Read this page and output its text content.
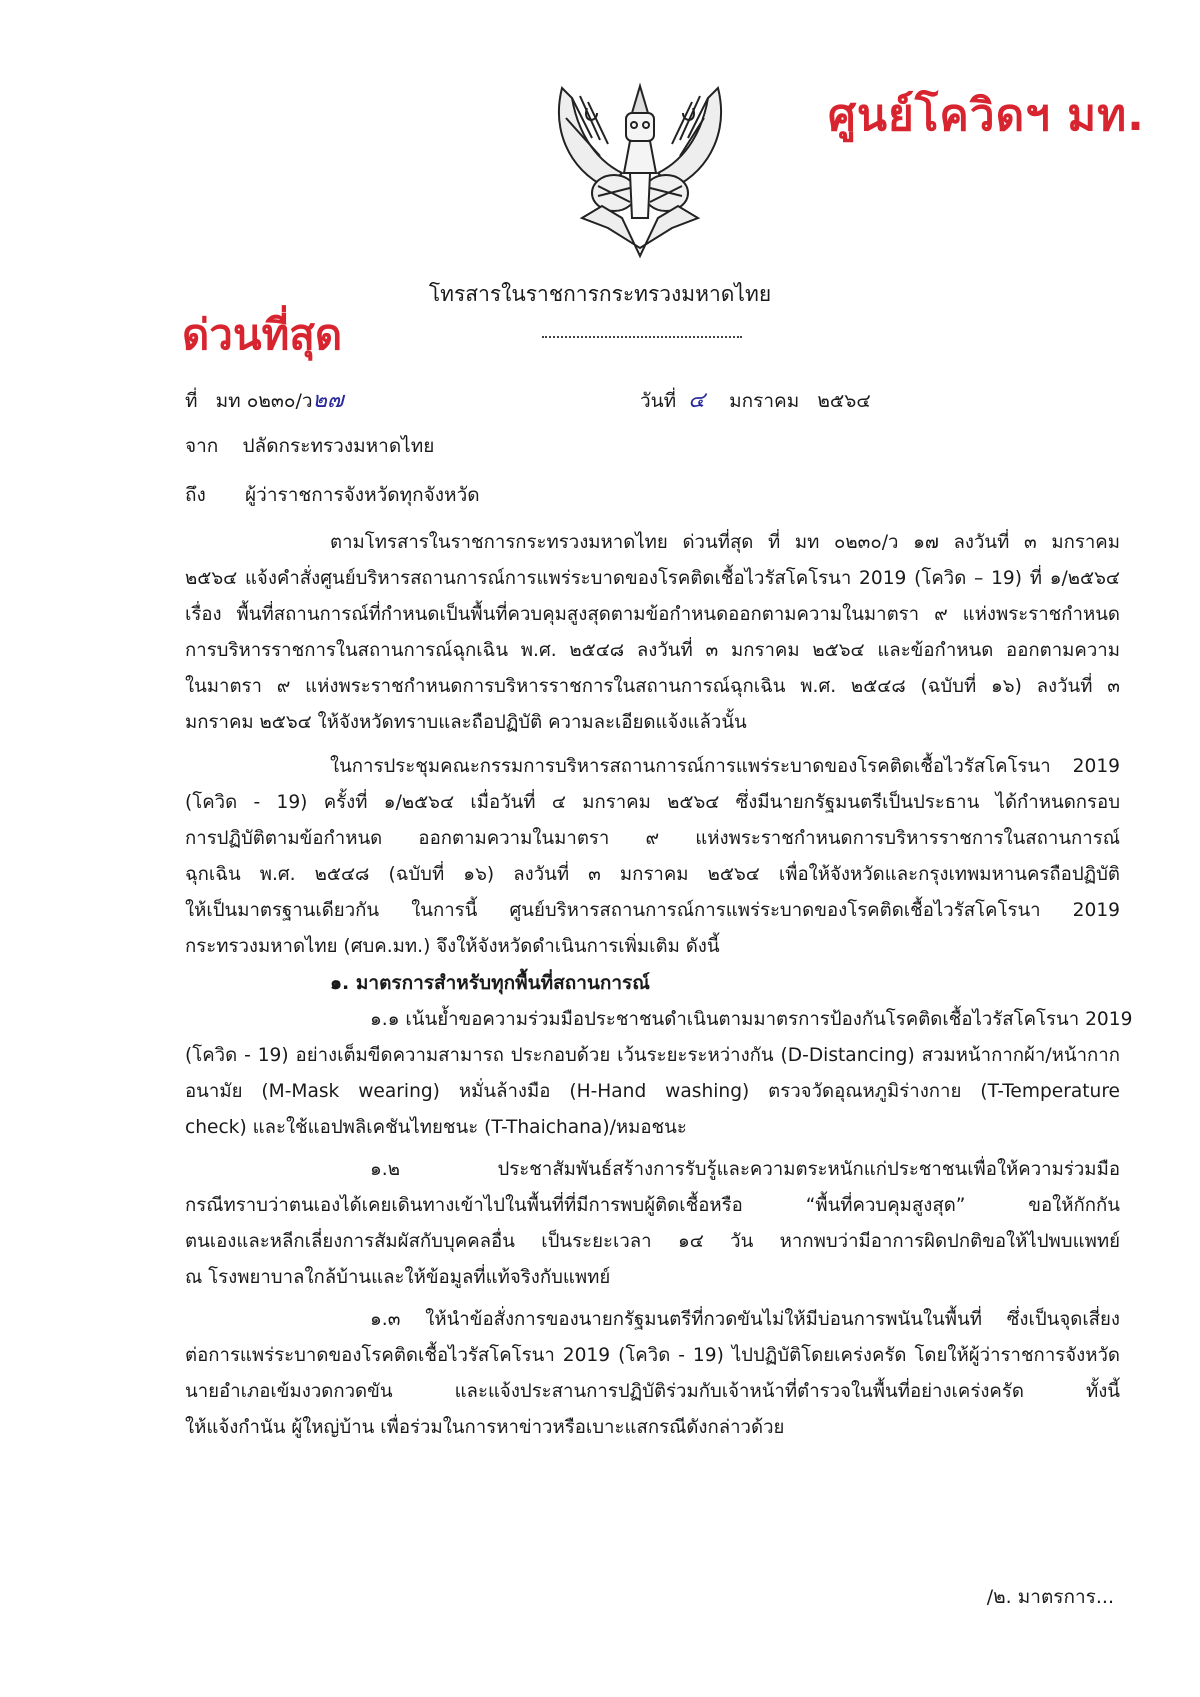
ศูนย์โควิดฯ มท.
ด่วนที่สุด
โทรสารในราชการกระทรวงมหาดไทย
ที่ มท ๐๒๓๐/ว๒๗	วันที่ ๔ มกราคม ๒๕๖๔
จาก ปลัดกระทรวงมหาดไทย
ถึง ผู้ว่าราชการจังหวัดทุกจังหวัด
ตามโทรสารในราชการกระทรวงมหาดไทย ด่วนที่สุด ที่ มท ๐๒๓๐/ว ๑๗ ลงวันที่ ๓ มกราคม
๒๕๖๔ แจ้งคำสั่งศูนย์บริหารสถานการณ์การแพร่ระบาดของโรคติดเชื้อไวรัสโคโรนา 2019 (โควิด – 19) ที่ ๑/๒๕๖๔
เรื่อง พื้นที่สถานการณ์ที่กำหนดเป็นพื้นที่ควบคุมสูงสุดตามข้อกำหนดออกตามความในมาตรา ๙ แห่งพระราชกำหนด
การบริหารราชการในสถานการณ์ฉุกเฉิน พ.ศ. ๒๕๔๘ ลงวันที่ ๓ มกราคม ๒๕๖๔ และข้อกำหนด ออกตามความ
ในมาตรา ๙ แห่งพระราชกำหนดการบริหารราชการในสถานการณ์ฉุกเฉิน พ.ศ. ๒๕๔๘ (ฉบับที่ ๑๖) ลงวันที่ ๓
มกราคม ๒๕๖๔ ให้จังหวัดทราบและถือปฏิบัติ ความละเอียดแจ้งแล้วนั้น
ในการประชุมคณะกรรมการบริหารสถานการณ์การแพร่ระบาดของโรคติดเชื้อไวรัสโคโรนา 2019
(โควิด - 19) ครั้งที่ ๑/๒๕๖๔ เมื่อวันที่ ๔ มกราคม ๒๕๖๔ ซึ่งมีนายกรัฐมนตรีเป็นประธาน ได้กำหนดกรอบ
การปฏิบัติตามข้อกำหนด ออกตามความในมาตรา ๙ แห่งพระราชกำหนดการบริหารราชการในสถานการณ์
ฉุกเฉิน พ.ศ. ๒๕๔๘ (ฉบับที่ ๑๖) ลงวันที่ ๓ มกราคม ๒๕๖๔ เพื่อให้จังหวัดและกรุงเทพมหานครถือปฏิบัติ
ให้เป็นมาตรฐานเดียวกัน ในการนี้ ศูนย์บริหารสถานการณ์การแพร่ระบาดของโรคติดเชื้อไวรัสโคโรนา 2019
กระทรวงมหาดไทย (ศบค.มท.) จึงให้จังหวัดดำเนินการเพิ่มเติม ดังนี้
๑. มาตรการสำหรับทุกพื้นที่สถานการณ์
๑.๑ เน้นย้ำขอความร่วมมือประชาชนดำเนินตามมาตรการป้องกันโรคติดเชื้อไวรัสโคโรนา 2019
(โควิด - 19) อย่างเต็มขีดความสามารถ ประกอบด้วย เว้นระยะระหว่างกัน (D-Distancing) สวมหน้ากากผ้า/หน้ากาก
อนามัย (M-Mask wearing) หมั่นล้างมือ (H-Hand washing) ตรวจวัดอุณหภูมิร่างกาย (T-Temperature
check) และใช้แอปพลิเคชันไทยชนะ (T-Thaichana)/หมอชนะ
๑.๒ ประชาสัมพันธ์สร้างการรับรู้และความตระหนักแก่ประชาชนเพื่อให้ความร่วมมือ
กรณีทราบว่าตนเองได้เคยเดินทางเข้าไปในพื้นที่ที่มีการพบผู้ติดเชื้อหรือ “พื้นที่ควบคุมสูงสุด” ขอให้กักกัน
ตนเองและหลีกเลี่ยงการสัมผัสกับบุคคลอื่น เป็นระยะเวลา ๑๔ วัน หากพบว่ามีอาการผิดปกติขอให้ไปพบแพทย์
ณ โรงพยาบาลใกล้บ้านและให้ข้อมูลที่แท้จริงกับแพทย์
๑.๓ ให้นำข้อสั่งการของนายกรัฐมนตรีที่กวดขันไม่ให้มีบ่อนการพนันในพื้นที่ ซึ่งเป็นจุดเสี่ยง
ต่อการแพร่ระบาดของโรคติดเชื้อไวรัสโคโรนา 2019 (โควิด - 19) ไปปฏิบัติโดยเคร่งครัด โดยให้ผู้ว่าราชการจังหวัด
นายอำเภอเข้มงวดกวดขัน และแจ้งประสานการปฏิบัติร่วมกับเจ้าหน้าที่ตำรวจในพื้นที่อย่างเคร่งครัด ทั้งนี้
ให้แจ้งกำนัน ผู้ใหญ่บ้าน เพื่อร่วมในการหาข่าวหรือเบาะแสกรณีดังกล่าวด้วย
/๒. มาตรการ...
